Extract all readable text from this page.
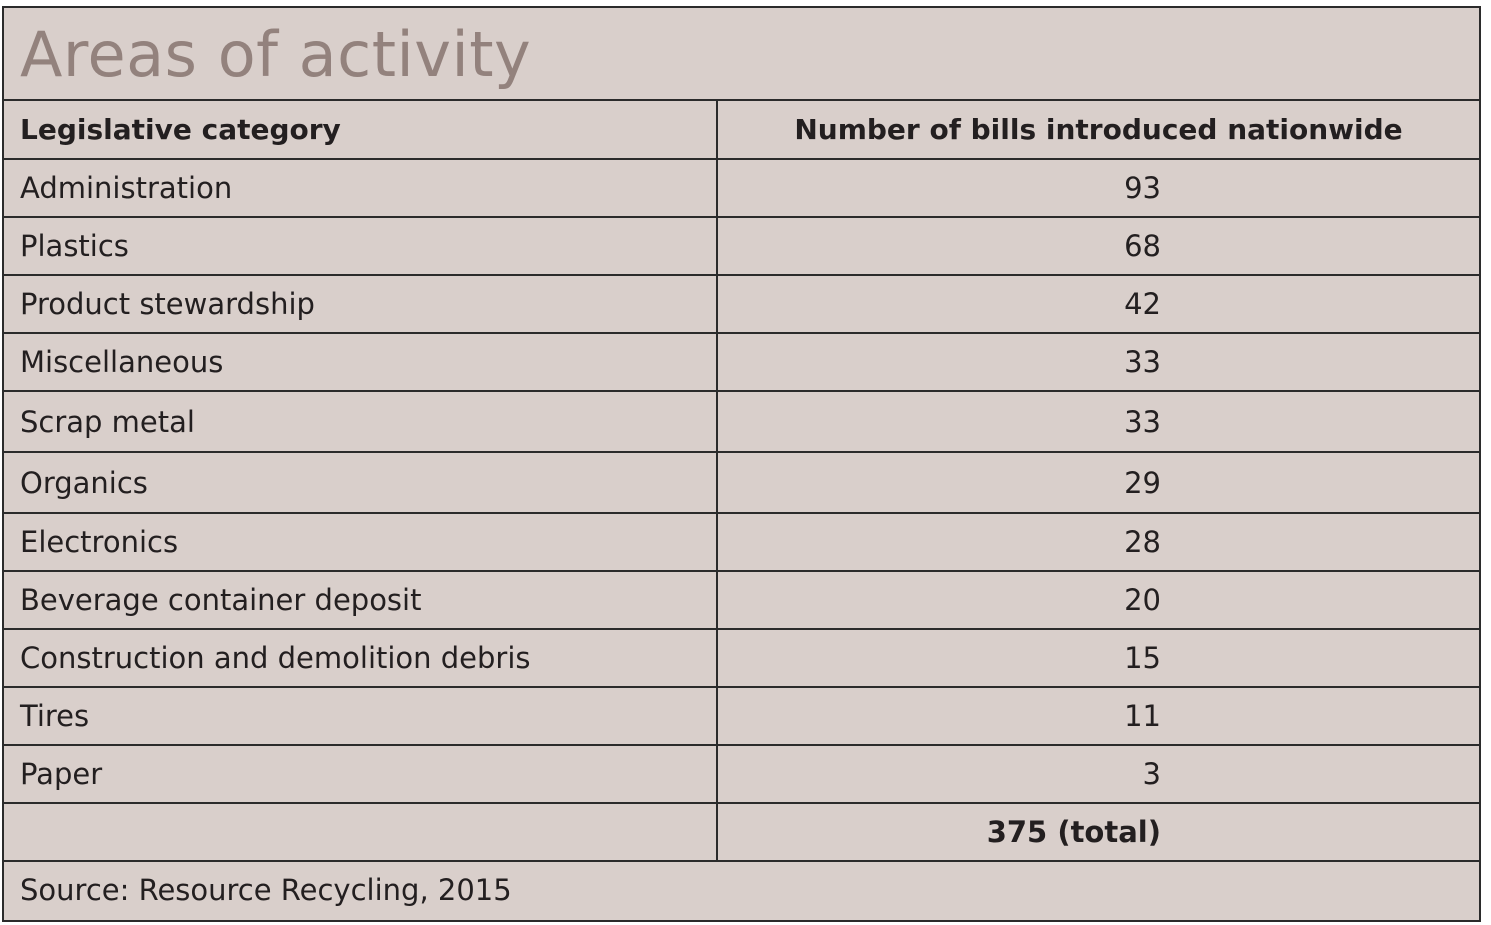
Areas of activity
Legislative category	Number of bills introduced nationwide
Administration	93
Plastics	68
Product stewardship	42
Miscellaneous	33
Scrap metal	33
Organics	29
Electronics	28
Beverage container deposit	20
Construction and demolition debris	15
Tires	11
Paper	3
	375 (total)
Source: Resource Recycling, 2015	
